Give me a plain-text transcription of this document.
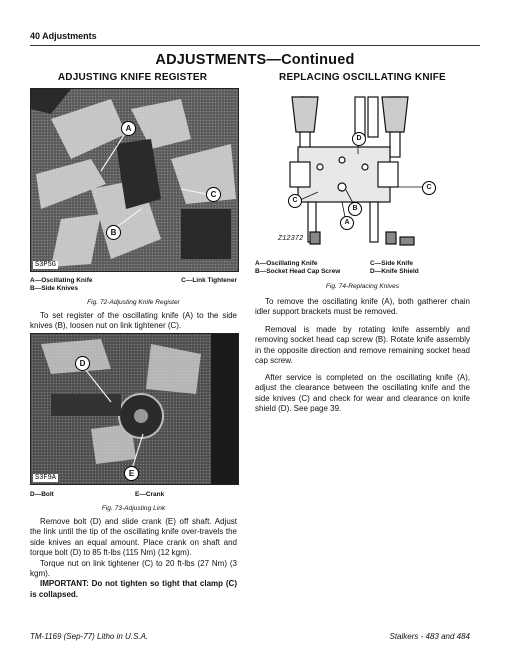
40 Adjustments
ADJUSTMENTS—Continued
ADJUSTING KNIFE REGISTER
A
B
C
S3P5G
A—Oscillating Knife	C—Link Tightener
B—Side Knives
Fig. 72-Adjusting Knife Register

To set register of the oscillating knife (A) to the side knives (B), loosen nut on link tightener (C).

D
E
S3F9A
D—Bolt	E—Crank
Fig. 73-Adjusting Link

Remove bolt (D) and slide crank (E) off shaft. Adjust the link until the tip of the oscillating knife over-travels the side knives an equal amount. Place crank on shaft and torque bolt (D) to 85 ft-lbs (115 Nm) (12 kgm).

Torque nut on link tightener (C) to 20 ft-lbs (27 Nm) (3 kgm).

IMPORTANT: Do not tighten so tight that clamp (C) is collapsed.

REPLACING OSCILLATING KNIFE
D
C
B
A
C
Z12372
A—Oscillating Knife	C—Side Knife
B—Socket Head Cap Screw	D—Knife Shield
Fig. 74-Replacing Knives

To remove the oscillating knife (A), both gatherer chain idler support brackets must be removed.

Removal is made by rotating knife assembly and removing socket head cap screw (B). Rotate knife assembly in the opposite direction and remove remaining socket head cap screw.

After service is completed on the oscillating knife (A), adjust the clearance between the oscillating knife and the side knives (C) and check for wear and clearance on knife shield (D). See page 39.

TM-1169 (Sep-77) Litho in U.S.A.	Stalkers - 483 and 484
